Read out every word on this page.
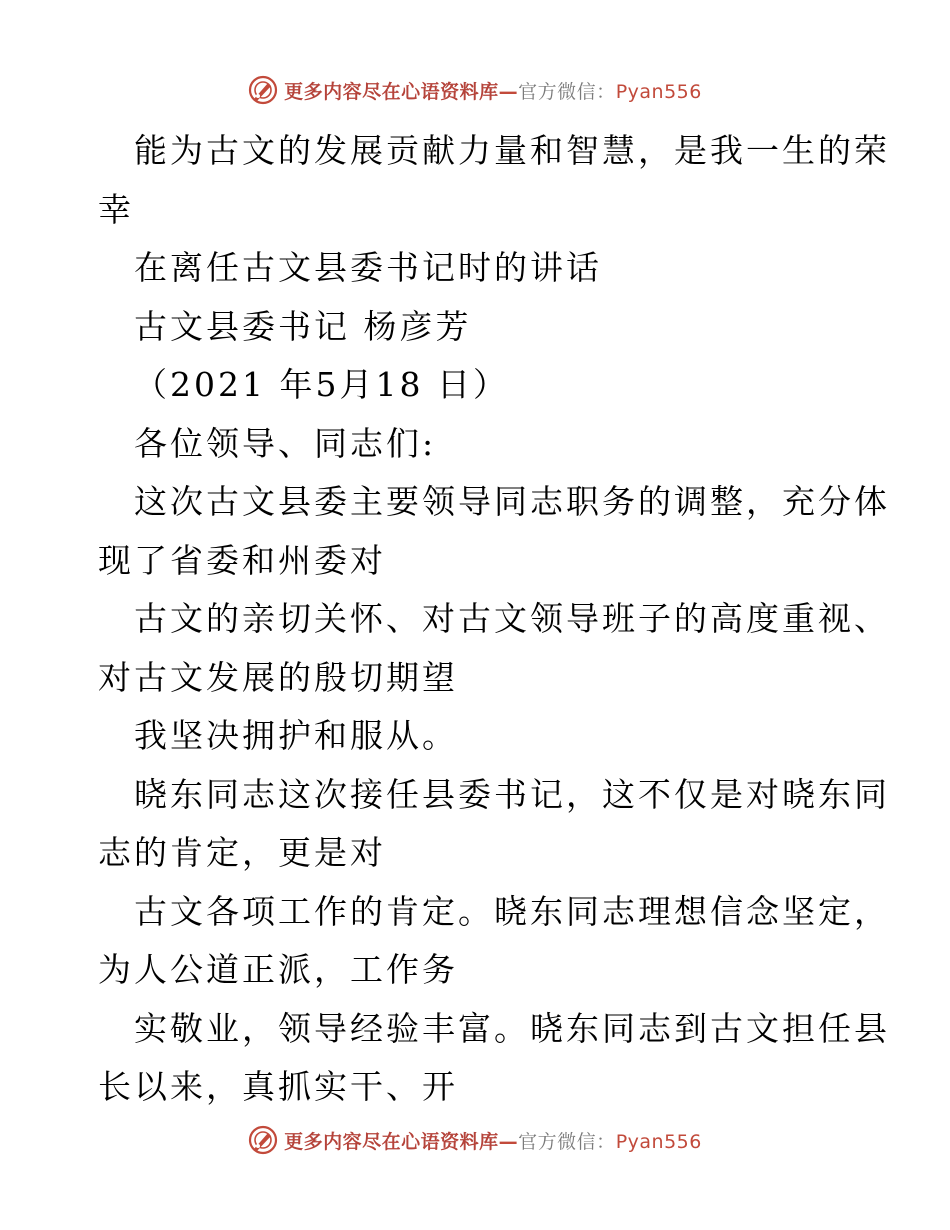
更多内容尽在心语资料库—官方微信：Pyan556
能为古文的发展贡献力量和智慧，是我一生的荣
幸
在离任古文县委书记时的讲话
古文县委书记 杨彦芳
（2021 年5月18 日）
各位领导、同志们:
这次古文县委主要领导同志职务的调整，充分体
现了省委和州委对
古文的亲切关怀、对古文领导班子的高度重视、
对古文发展的殷切期望
我坚决拥护和服从。
晓东同志这次接任县委书记，这不仅是对晓东同
志的肯定，更是对
古文各项工作的肯定。晓东同志理想信念坚定，
为人公道正派，工作务
实敬业，领导经验丰富。晓东同志到古文担任县
长以来，真抓实干、开
更多内容尽在心语资料库—官方微信：Pyan556
